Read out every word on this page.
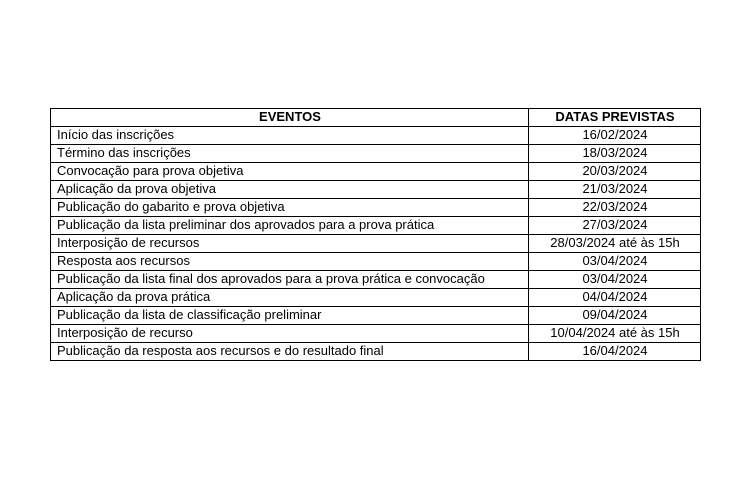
EVENTOS	DATAS PREVISTAS
Início das inscrições	16/02/2024
Término das inscrições	18/03/2024
Convocação para prova objetiva	20/03/2024
Aplicação da prova objetiva	21/03/2024
Publicação do gabarito e prova objetiva	22/03/2024
Publicação da lista preliminar dos aprovados para a prova prática	27/03/2024
Interposição de recursos	28/03/2024 até às 15h
Resposta aos recursos	03/04/2024
Publicação da lista final dos aprovados para a prova prática e convocação	03/04/2024
Aplicação da prova prática	04/04/2024
Publicação da lista de classificação preliminar	09/04/2024
Interposição de recurso	10/04/2024 até às 15h
Publicação da resposta aos recursos e do resultado final	16/04/2024
